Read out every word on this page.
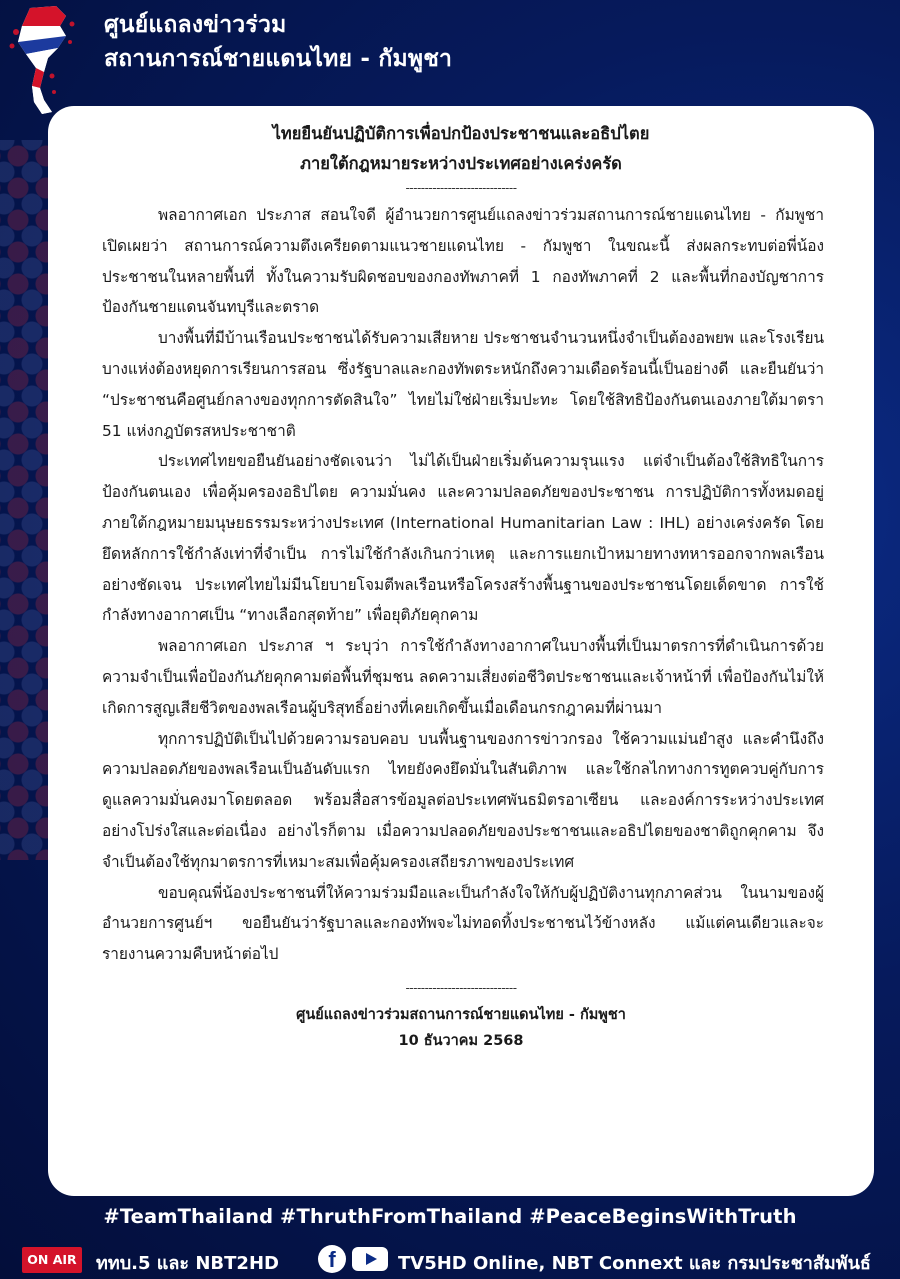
ศูนย์แถลงข่าวร่วม
สถานการณ์ชายแดนไทย - กัมพูชา
ไทยยืนยันปฏิบัติการเพื่อปกป้องประชาชนและอธิปไตย
ภายใต้กฎหมายระหว่างประเทศอย่างเคร่งครัด
-----------------------------

พลอากาศเอก ประภาส สอนใจดี ผู้อำนวยการศูนย์แถลงข่าวร่วมสถานการณ์ชายแดนไทย - กัมพูชา เปิดเผยว่า สถานการณ์ความตึงเครียดตามแนวชายแดนไทย - กัมพูชา ในขณะนี้ ส่งผลกระทบต่อพี่น้องประชาชนในหลายพื้นที่ ทั้งในความรับผิดชอบของกองทัพภาคที่ 1 กองทัพภาคที่ 2 และพื้นที่กองบัญชาการป้องกันชายแดนจันทบุรีและตราด

บางพื้นที่มีบ้านเรือนประชาชนได้รับความเสียหาย ประชาชนจำนวนหนึ่งจำเป็นต้องอพยพ และโรงเรียนบางแห่งต้องหยุดการเรียนการสอน ซึ่งรัฐบาลและกองทัพตระหนักถึงความเดือดร้อนนี้เป็นอย่างดี และยืนยันว่า “ประชาชนคือศูนย์กลางของทุกการตัดสินใจ” ไทยไม่ใช่ฝ่ายเริ่มปะทะ โดยใช้สิทธิป้องกันตนเองภายใต้มาตรา 51 แห่งกฎบัตรสหประชาชาติ

ประเทศไทยขอยืนยันอย่างชัดเจนว่า ไม่ได้เป็นฝ่ายเริ่มต้นความรุนแรง แต่จำเป็นต้องใช้สิทธิในการป้องกันตนเอง เพื่อคุ้มครองอธิปไตย ความมั่นคง และความปลอดภัยของประชาชน การปฏิบัติการทั้งหมดอยู่ภายใต้กฎหมายมนุษยธรรมระหว่างประเทศ (International Humanitarian Law : IHL) อย่างเคร่งครัด โดยยึดหลักการใช้กำลังเท่าที่จำเป็น การไม่ใช้กำลังเกินกว่าเหตุ และการแยกเป้าหมายทางทหารออกจากพลเรือนอย่างชัดเจน ประเทศไทยไม่มีนโยบายโจมตีพลเรือนหรือโครงสร้างพื้นฐานของประชาชนโดยเด็ดขาด การใช้กำลังทางอากาศเป็น “ทางเลือกสุดท้าย” เพื่อยุติภัยคุกคาม

พลอากาศเอก ประภาส ฯ ระบุว่า การใช้กำลังทางอากาศในบางพื้นที่เป็นมาตรการที่ดำเนินการด้วยความจำเป็นเพื่อป้องกันภัยคุกคามต่อพื้นที่ชุมชน ลดความเสี่ยงต่อชีวิตประชาชนและเจ้าหน้าที่ เพื่อป้องกันไม่ให้เกิดการสูญเสียชีวิตของพลเรือนผู้บริสุทธิ์อย่างที่เคยเกิดขึ้นเมื่อเดือนกรกฎาคมที่ผ่านมา

ทุกการปฏิบัติเป็นไปด้วยความรอบคอบ บนพื้นฐานของการข่าวกรอง ใช้ความแม่นยำสูง และคำนึงถึงความปลอดภัยของพลเรือนเป็นอันดับแรก ไทยยังคงยึดมั่นในสันติภาพ และใช้กลไกทางการทูตควบคู่กับการดูแลความมั่นคงมาโดยตลอด พร้อมสื่อสารข้อมูลต่อประเทศพันธมิตรอาเซียน และองค์การระหว่างประเทศอย่างโปร่งใสและต่อเนื่อง อย่างไรก็ตาม เมื่อความปลอดภัยของประชาชนและอธิปไตยของชาติถูกคุกคาม จึงจำเป็นต้องใช้ทุกมาตรการที่เหมาะสมเพื่อคุ้มครองเสถียรภาพของประเทศ

ขอบคุณพี่น้องประชาชนที่ให้ความร่วมมือและเป็นกำลังใจให้กับผู้ปฏิบัติงานทุกภาคส่วน ในนามของผู้อำนวยการศูนย์ฯ ขอยืนยันว่ารัฐบาลและกองทัพจะไม่ทอดทิ้งประชาชนไว้ข้างหลัง แม้แต่คนเดียวและจะรายงานความคืบหน้าต่อไป

-----------------------------
ศูนย์แถลงข่าวร่วมสถานการณ์ชายแดนไทย - กัมพูชา
10 ธันวาคม 2568
#TeamThailand #ThruthFromThailand #PeaceBeginsWithTruth
ON AIR ททบ.5 และ NBT2HD	f	TV5HD Online, NBT Connext และ กรมประชาสัมพันธ์
